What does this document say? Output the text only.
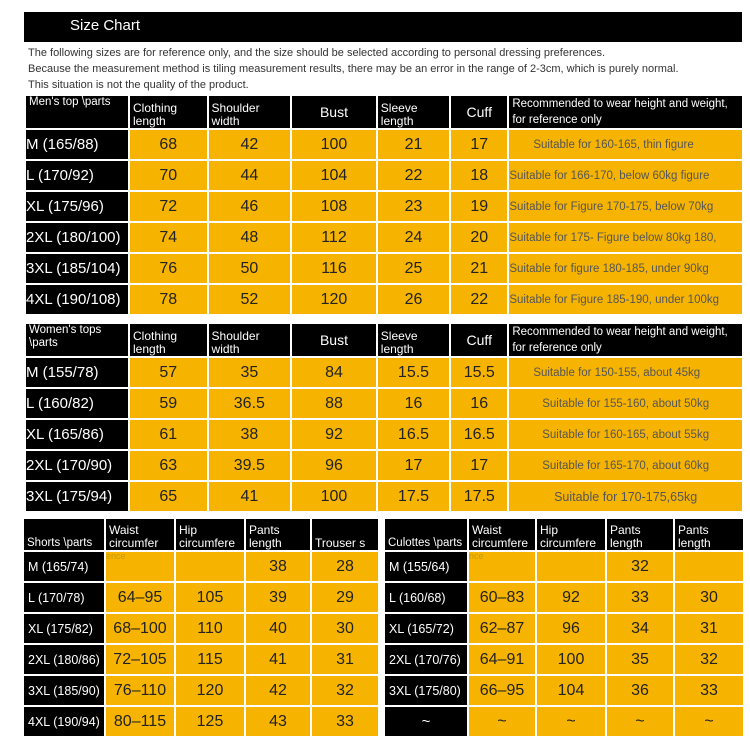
Size Chart
The following sizes are for reference only, and the size should be selected according to personal dressing preferences.
Because the measurement method is tiling measurement results, there may be an error in the range of 2-3cm, which is purely normal.
This situation is not the quality of the product.
Men's top \parts	Clothing length	Shoulder width	Bust	Sleeve length	Cuff	Recommended to wear height and weight, for reference only
M (165/88)	68	42	100	21	17	Suitable for 160-165, thin figure
L (170/92)	70	44	104	22	18	Suitable for 166-170, below 60kg figure
XL (175/96)	72	46	108	23	19	Suitable for Figure 170-175, below 70kg
2XL (180/100)	74	48	112	24	20	Suitable for 175- Figure below 80kg 180,
3XL (185/104)	76	50	116	25	21	Suitable for figure 180-185, under 90kg
4XL (190/108)	78	52	120	26	22	Suitable for Figure 185-190, under 100kg
Women's tops \parts	Clothing length	Shoulder width	Bust	Sleeve length	Cuff	Recommended to wear height and weight, for reference only
M (155/78)	57	35	84	15.5	15.5	Suitable for 150-155, about 45kg
L (160/82)	59	36.5	88	16	16	Suitable for 155-160, about 50kg
XL (165/86)	61	38	92	16.5	16.5	Suitable for 160-165, about 55kg
2XL (170/90)	63	39.5	96	17	17	Suitable for 165-170, about 60kg
3XL (175/94)	65	41	100	17.5	17.5	Suitable for 170-175,65kg
Shorts \parts	Waist circumfer	Hip circumfere	Pants length	Trouser s
M (165/74)	ence		38	28
L (170/78)	64–95	105	39	29
XL (175/82)	68–100	110	40	30
2XL (180/86)	72–105	115	41	31
3XL (185/90)	76–110	120	42	32
4XL (190/94)	80–115	125	43	33
Culottes \parts	Waist circumfere	Hip circumfere	Pants length	Pants length
M (155/64)	nce		32	
L (160/68)	60–83	92	33	30
XL (165/72)	62–87	96	34	31
2XL (170/76)	64–91	100	35	32
3XL (175/80)	66–95	104	36	33
~	~	~	~	~
